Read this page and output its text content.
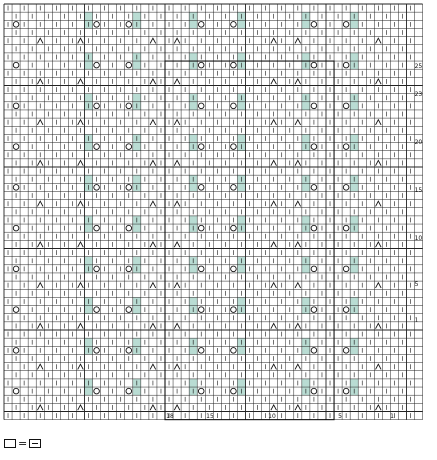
25
23
20
15
10
5
1
18	15	10	5	1
=
